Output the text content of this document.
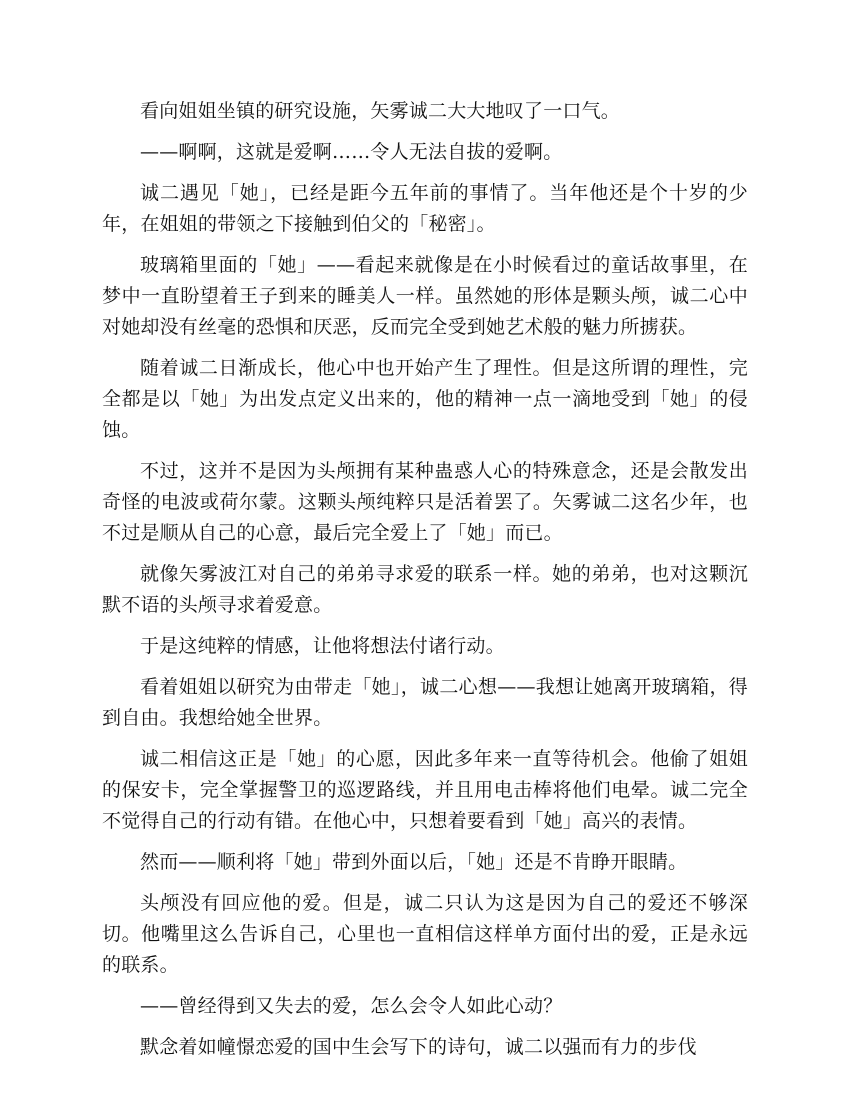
看向姐姐坐镇的研究设施，矢雾诚二大大地叹了一口气。

——啊啊，这就是爱啊……令人无法自拔的爱啊。

诚二遇见「她」，已经是距今五年前的事情了。当年他还是个十岁的少年，在姐姐的带领之下接触到伯父的「秘密」。

玻璃箱里面的「她」——看起来就像是在小时候看过的童话故事里，在梦中一直盼望着王子到来的睡美人一样。虽然她的形体是颗头颅，诚二心中对她却没有丝毫的恐惧和厌恶，反而完全受到她艺术般的魅力所掳获。

随着诚二日渐成长，他心中也开始产生了理性。但是这所谓的理性，完全都是以「她」为出发点定义出来的，他的精神一点一滴地受到「她」的侵蚀。

不过，这并不是因为头颅拥有某种蛊惑人心的特殊意念，还是会散发出奇怪的电波或荷尔蒙。这颗头颅纯粹只是活着罢了。矢雾诚二这名少年，也不过是顺从自己的心意，最后完全爱上了「她」而已。

就像矢雾波江对自己的弟弟寻求爱的联系一样。她的弟弟，也对这颗沉默不语的头颅寻求着爱意。

于是这纯粹的情感，让他将想法付诸行动。

看着姐姐以研究为由带走「她」，诚二心想——我想让她离开玻璃箱，得到自由。我想给她全世界。

诚二相信这正是「她」的心愿，因此多年来一直等待机会。他偷了姐姐的保安卡，完全掌握警卫的巡逻路线，并且用电击棒将他们电晕。诚二完全不觉得自己的行动有错。在他心中，只想着要看到「她」高兴的表情。

然而——顺利将「她」带到外面以后，「她」还是不肯睁开眼睛。

头颅没有回应他的爱。但是，诚二只认为这是因为自己的爱还不够深切。他嘴里这么告诉自己，心里也一直相信这样单方面付出的爱，正是永远的联系。

——曾经得到又失去的爱，怎么会令人如此心动？

默念着如幢憬恋爱的国中生会写下的诗句，诚二以强而有力的步伐
